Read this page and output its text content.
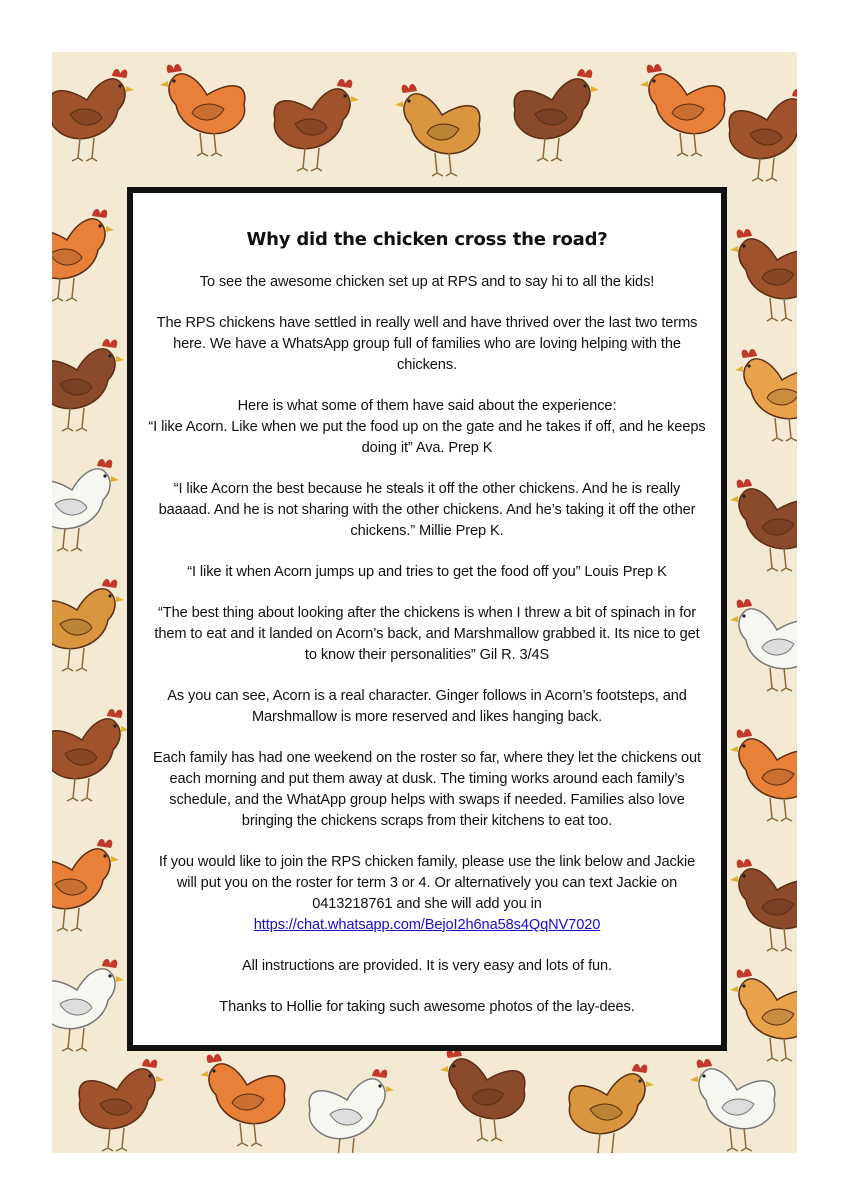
Why did the chicken cross the road?

To see the awesome chicken set up at RPS and to say hi to all the kids!

The RPS chickens have settled in really well and have thrived over the last two terms here. We have a WhatsApp group full of families who are loving helping with the chickens.

Here is what some of them have said about the experience:

“I like Acorn. Like when we put the food up on the gate and he takes if off, and he keeps doing it” Ava. Prep K

“I like Acorn the best because he steals it off the other chickens. And he is really baaaad. And he is not sharing with the other chickens. And he’s taking it off the other chickens.” Millie Prep K.

“I like it when Acorn jumps up and tries to get the food off you” Louis Prep K

“The best thing about looking after the chickens is when I threw a bit of spinach in for them to eat and it landed on Acorn’s back, and Marshmallow grabbed it. Its nice to get to know their personalities” Gil R. 3/4S

As you can see, Acorn is a real character. Ginger follows in Acorn’s footsteps, and Marshmallow is more reserved and likes hanging back.

Each family has had one weekend on the roster so far, where they let the chickens out each morning and put them away at dusk. The timing works around each family’s schedule, and the WhatApp group helps with swaps if needed. Families also love bringing the chickens scraps from their kitchens to eat too.

If you would like to join the RPS chicken family, please use the link below and Jackie will put you on the roster for term 3 or 4. Or alternatively you can text Jackie on 0413218761 and she will add you in
https://chat.whatsapp.com/BejoI2h6na58s4QqNV7020

All instructions are provided. It is very easy and lots of fun.

Thanks to Hollie for taking such awesome photos of the lay-dees.
